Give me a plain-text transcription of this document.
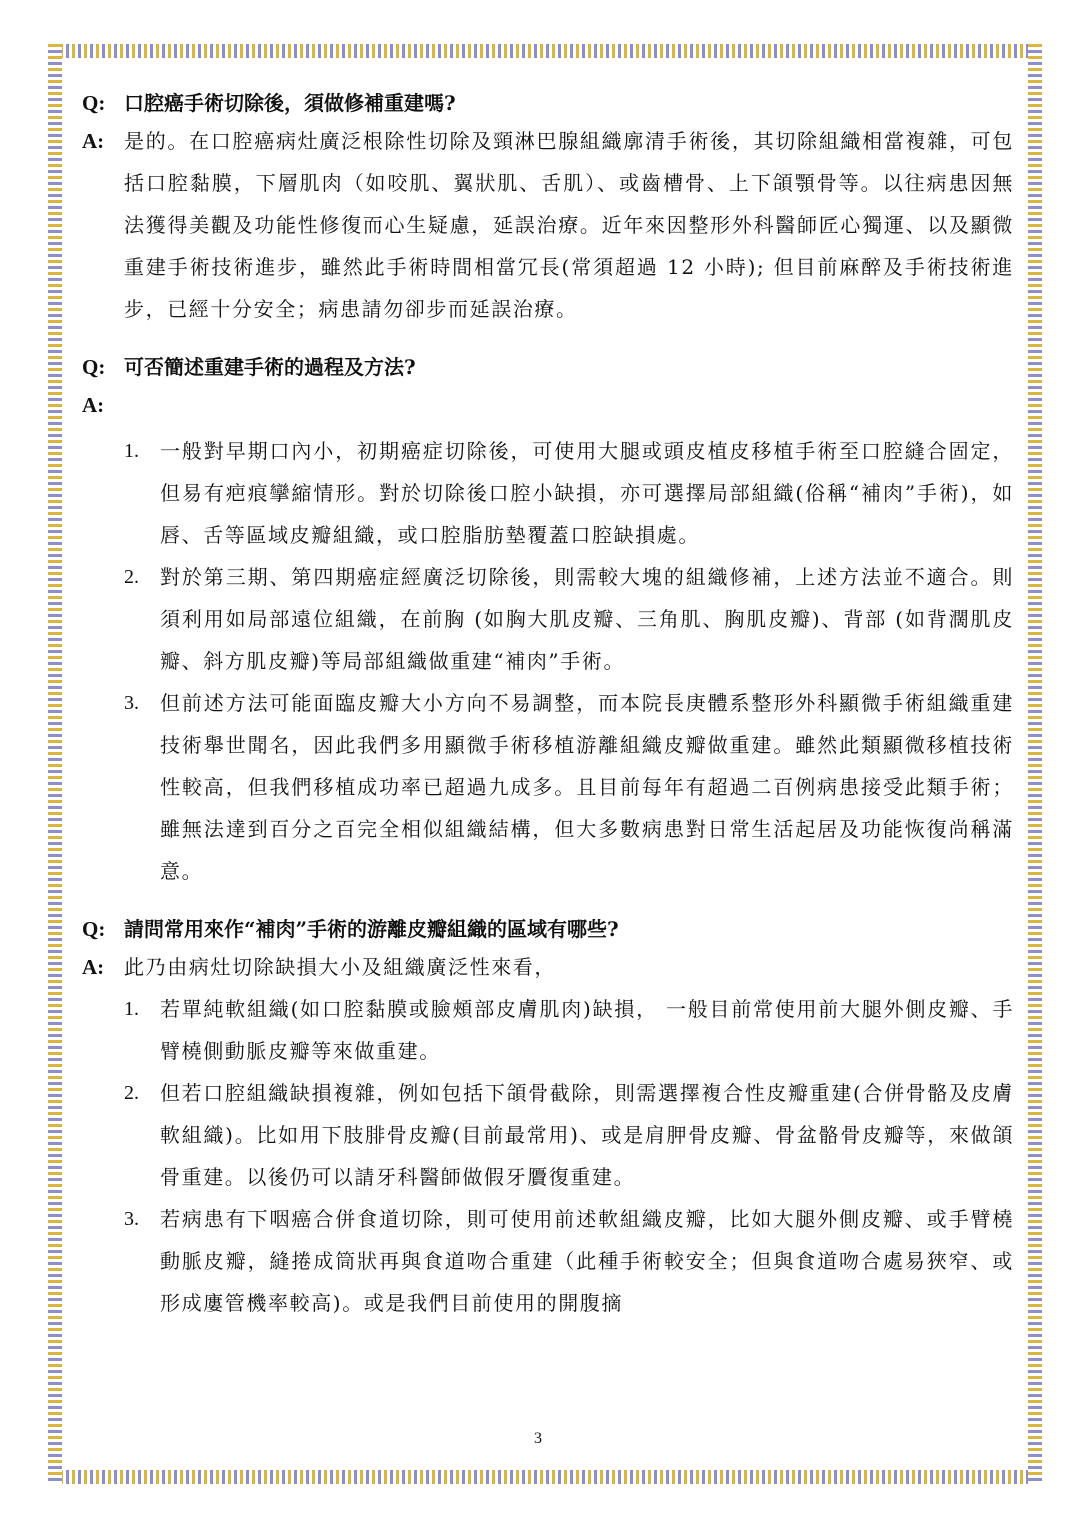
Q: 口腔癌手術切除後，須做修補重建嗎?
A: 是的。在口腔癌病灶廣泛根除性切除及頸淋巴腺組織廓清手術後，其切除組織相當複雜，可包括口腔黏膜，下層肌肉（如咬肌、翼狀肌、舌肌）、或齒槽骨、上下頜顎骨等。以往病患因無法獲得美觀及功能性修復而心生疑慮，延誤治療。近年來因整形外科醫師匠心獨運、以及顯微重建手術技術進步，雖然此手術時間相當冗長(常須超過 12 小時); 但目前麻醉及手術技術進步，已經十分安全；病患請勿卻步而延誤治療。
Q: 可否簡述重建手術的過程及方法?
A:
1.	一般對早期口內小，初期癌症切除後，可使用大腿或頭皮植皮移植手術至口腔縫合固定，但易有疤痕攣縮情形。對於切除後口腔小缺損，亦可選擇局部組織(俗稱“補肉”手術)，如唇、舌等區域皮瓣組織，或口腔脂肪墊覆蓋口腔缺損處。
2.	對於第三期、第四期癌症經廣泛切除後，則需較大塊的組織修補，上述方法並不適合。則須利用如局部遠位組織，在前胸 (如胸大肌皮瓣、三角肌、胸肌皮瓣)、背部 (如背濶肌皮瓣、斜方肌皮瓣)等局部組織做重建“補肉”手術。
3.	但前述方法可能面臨皮瓣大小方向不易調整，而本院長庚體系整形外科顯微手術組織重建技術舉世聞名，因此我們多用顯微手術移植游離組織皮瓣做重建。雖然此類顯微移植技術性較高，但我們移植成功率已超過九成多。且目前每年有超過二百例病患接受此類手術；雖無法達到百分之百完全相似組織結構，但大多數病患對日常生活起居及功能恢復尚稱滿意。
Q: 請問常用來作“補肉”手術的游離皮瓣組織的區域有哪些?
A: 此乃由病灶切除缺損大小及組織廣泛性來看，
1.	若單純軟組織(如口腔黏膜或臉頰部皮膚肌肉)缺損， 一般目前常使用前大腿外側皮瓣、手臂橈側動脈皮瓣等來做重建。
2.	但若口腔組織缺損複雜，例如包括下頜骨截除，則需選擇複合性皮瓣重建(合併骨骼及皮膚軟組織)。比如用下肢腓骨皮瓣(目前最常用)、或是肩胛骨皮瓣、骨盆骼骨皮瓣等，來做頜骨重建。以後仍可以請牙科醫師做假牙贗復重建。
3.	若病患有下咽癌合併食道切除，則可使用前述軟組織皮瓣，比如大腿外側皮瓣、或手臂橈動脈皮瓣，縫捲成筒狀再與食道吻合重建（此種手術較安全；但與食道吻合處易狹窄、或形成廔管機率較高)。或是我們目前使用的開腹摘
3
